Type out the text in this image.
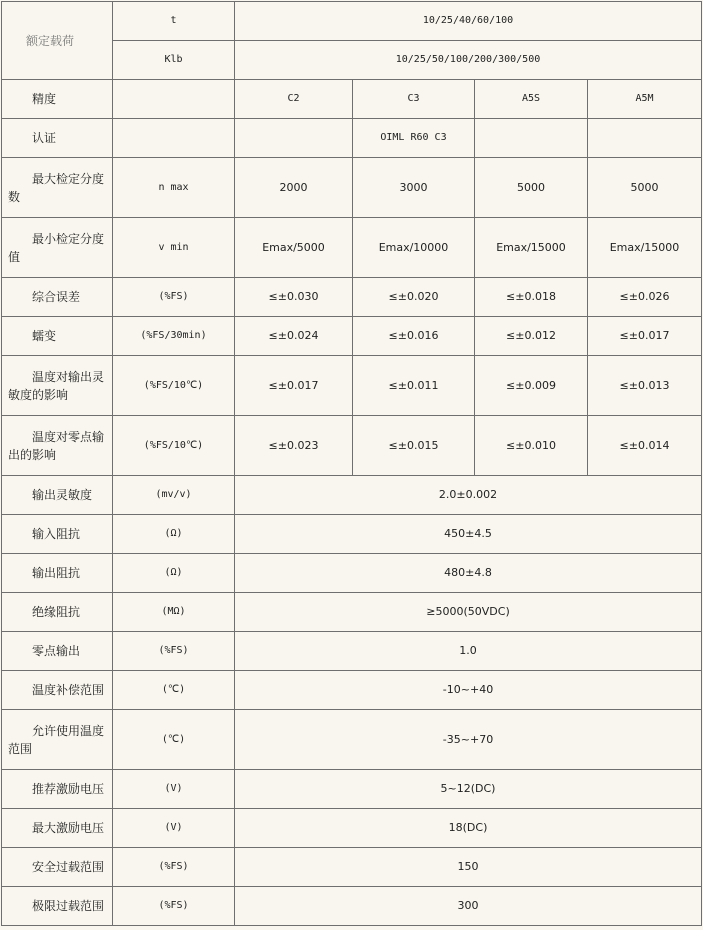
额定载荷	t	10/25/40/60/100			
	Klb	10/25/50/100/200/300/500			
精度		C2	C3	A5S	A5M
认证			OIML R60 C3		

最大检定分度
数	n max	2000	3000	5000	5000

最小检定分度
值	v min	Emax/5000	Emax/10000	Emax/15000	Emax/15000
综合误差	(%FS)	≤±0.030	≤±0.020	≤±0.018	≤±0.026
蠕变	(%FS/30min)	≤±0.024	≤±0.016	≤±0.012	≤±0.017

温度对输出灵
敏度的影响	(%FS/10℃)	≤±0.017	≤±0.011	≤±0.009	≤±0.013

温度对零点输
出的影响	(%FS/10℃)	≤±0.023	≤±0.015	≤±0.010	≤±0.014
输出灵敏度	(mv/v)	2.0±0.002			
输入阻抗	(Ω)	450±4.5			
输出阻抗	(Ω)	480±4.8			
绝缘阻抗	(MΩ)	≥5000(50VDC)			
零点输出	(%FS)	1.0			
温度补偿范围	(℃)	-10~+40			

允许使用温度
范围	(℃)	-35~+70			
推荐激励电压	(V)	5~12(DC)			
最大激励电压	(V)	18(DC)			
安全过载范围	(%FS)	150			
极限过载范围	(%FS)	300			
